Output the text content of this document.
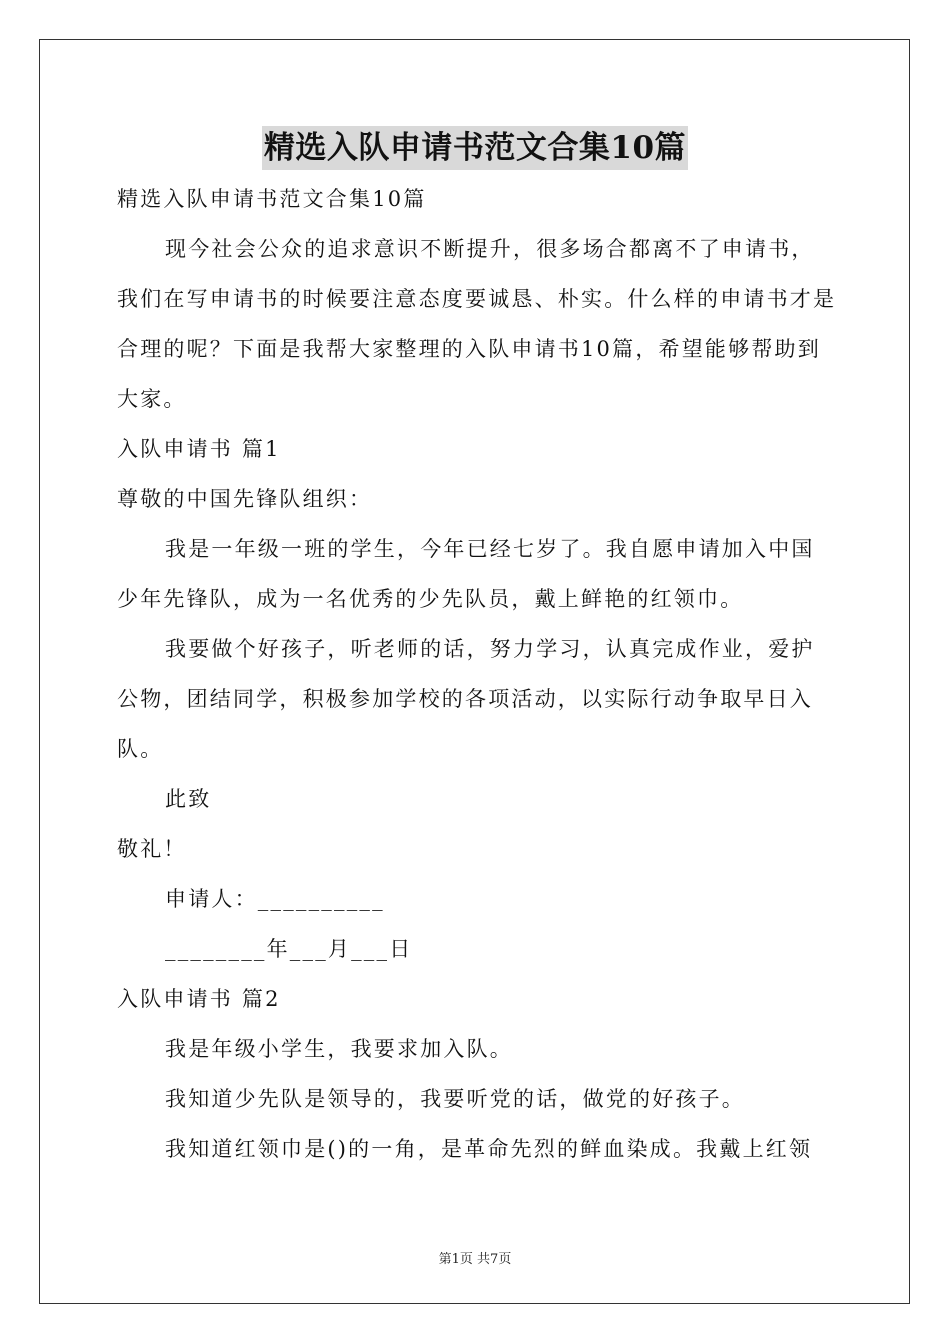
精选入队申请书范文合集10篇

精选入队申请书范文合集10篇

现今社会公众的追求意识不断提升，很多场合都离不了申请书，我们在写申请书的时候要注意态度要诚恳、朴实。什么样的申请书才是合理的呢？下面是我帮大家整理的入队申请书10篇，希望能够帮助到大家。

入队申请书 篇1

尊敬的中国先锋队组织：

我是一年级一班的学生，今年已经七岁了。我自愿申请加入中国少年先锋队，成为一名优秀的少先队员，戴上鲜艳的红领巾。

我要做个好孩子，听老师的话，努力学习，认真完成作业，爱护公物，团结同学，积极参加学校的各项活动，以实际行动争取早日入队。

此致

敬礼！

申请人：__________

________年___月___日

入队申请书 篇2

我是年级小学生，我要求加入队。

我知道少先队是领导的，我要听党的话，做党的好孩子。

我知道红领巾是()的一角，是革命先烈的鲜血染成。我戴上红领

第1页 共7页
